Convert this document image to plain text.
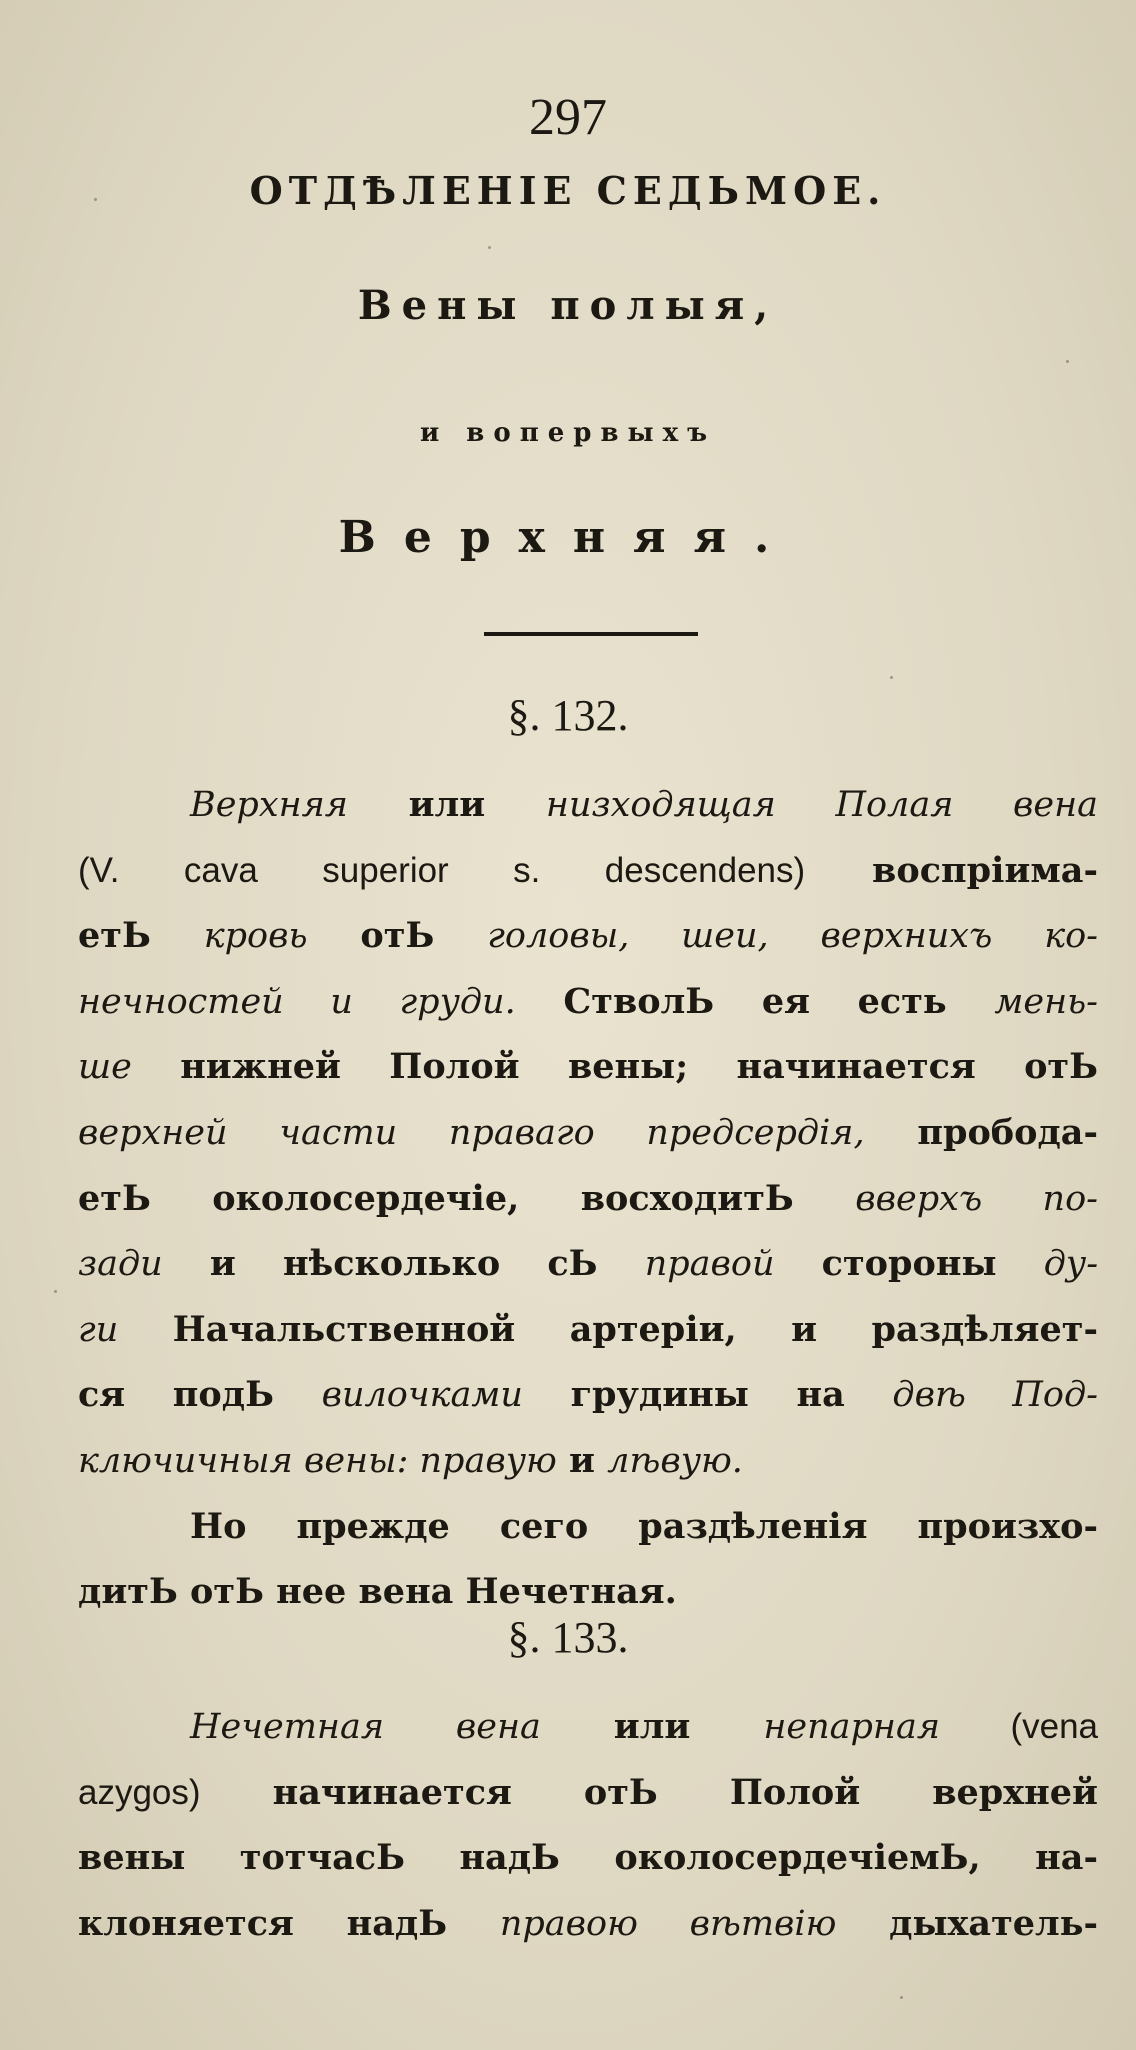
297
ОТДѢЛЕНІЕ СЕДЬМОЕ.
Вены полыя,
и вопервыхъ
Верхняя.
§. 132.
Верхняя или низходящая Полая вена
(V. cava superior s. descendens) воспріима-
етЬ кровь отЬ головы, шеи, верхнихъ ко-
нечностей и груди. СтволЬ ея есть мень-
ше нижней Полой вены; начинается отЬ
верхней части праваго предсердія, пробода-
етЬ околосердечіе, восходитЬ вверхъ по-
зади и нѣсколько сЬ правой стороны ду-
ги Начальственной артеріи, и раздѣляет-
ся подЬ вилочками грудины на двѣ Под-
ключичныя вены: правую и лѣвую.
Но прежде сего раздѣленія произхо-
дитЬ отЬ нее вена Нечетная.
§. 133.
Нечетная вена или непарная (vena
azygos) начинается отЬ Полой верхней
вены тотчасЬ надЬ околосердечіемЬ, на-
клоняется надЬ правою вѣтвію дыхатель-
